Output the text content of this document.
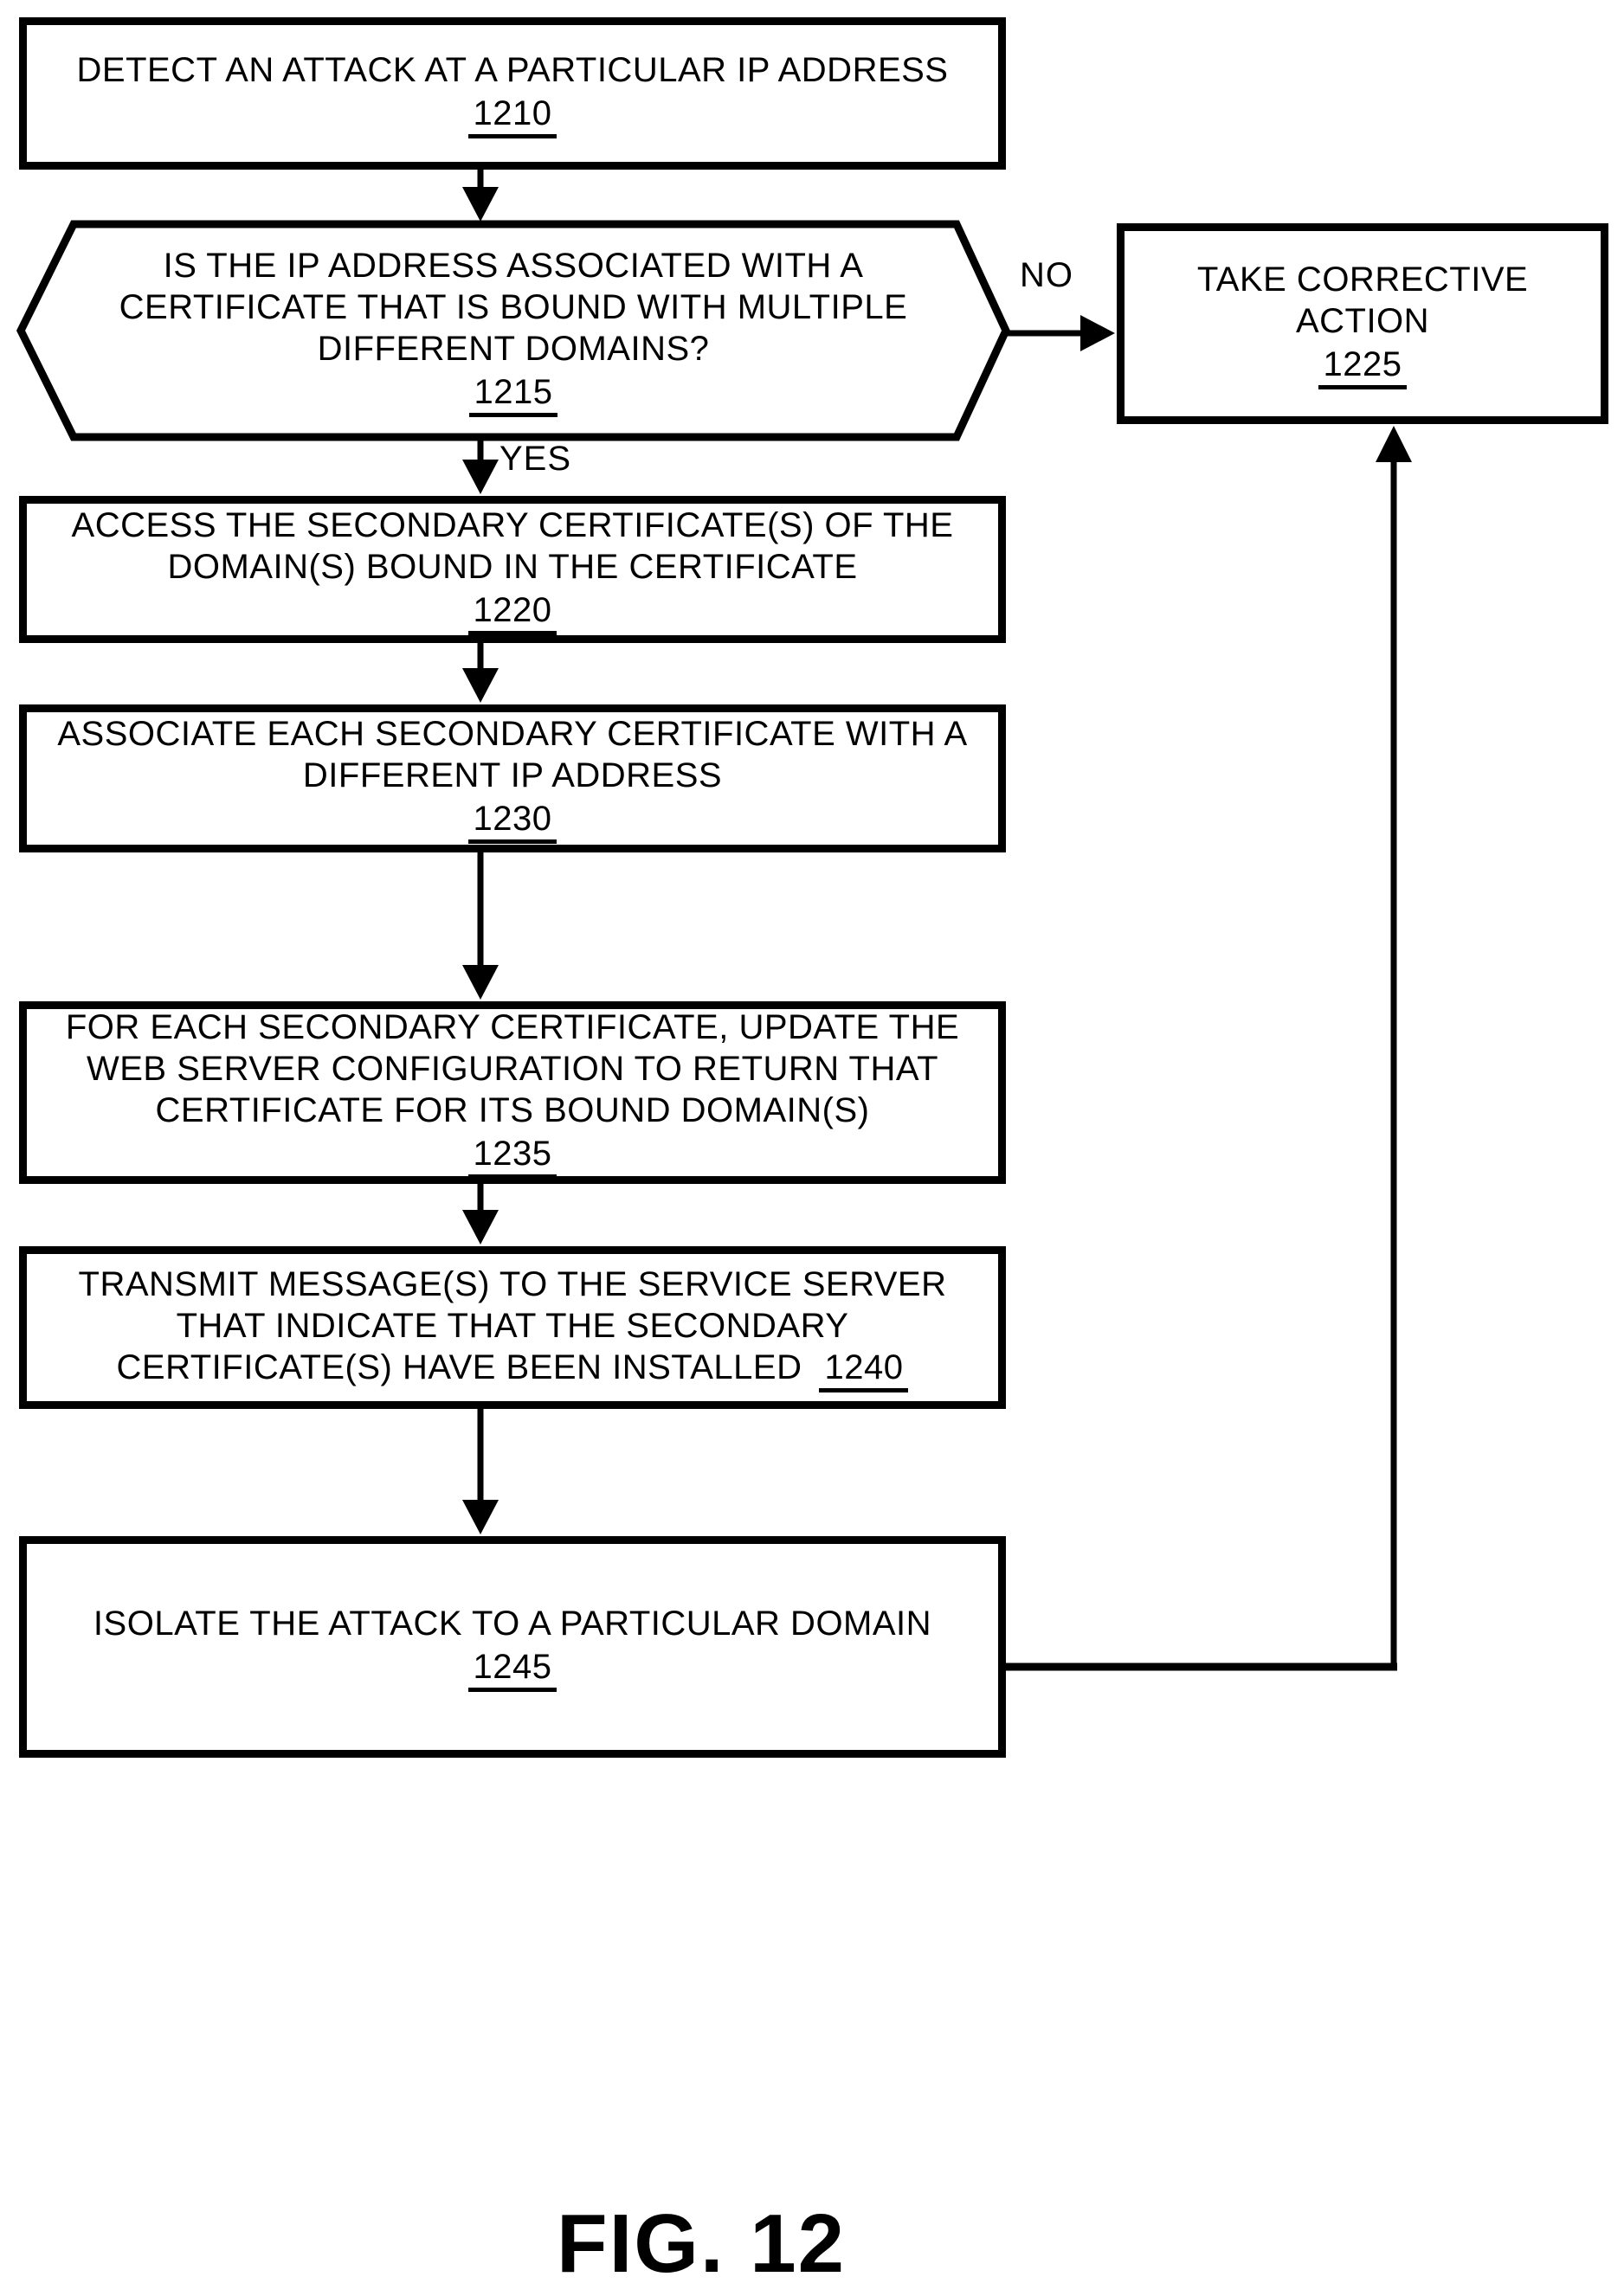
DETECT AN ATTACK AT A PARTICULAR IP ADDRESS
1210
IS THE IP ADDRESS ASSOCIATED WITH A
CERTIFICATE THAT IS BOUND WITH MULTIPLE
DIFFERENT DOMAINS?
1215
TAKE CORRECTIVE
ACTION
1225
ACCESS THE SECONDARY CERTIFICATE(S) OF THE
DOMAIN(S) BOUND IN THE CERTIFICATE
1220
ASSOCIATE EACH SECONDARY CERTIFICATE WITH A
DIFFERENT IP ADDRESS
1230
FOR EACH SECONDARY CERTIFICATE, UPDATE THE
WEB SERVER CONFIGURATION TO RETURN THAT
CERTIFICATE FOR ITS BOUND DOMAIN(S)
1235
TRANSMIT MESSAGE(S) TO THE SERVICE SERVER
THAT INDICATE THAT THE SECONDARY
CERTIFICATE(S) HAVE BEEN INSTALLED 1240
ISOLATE THE ATTACK TO A PARTICULAR DOMAIN
1245
NO
YES
FIG. 12
